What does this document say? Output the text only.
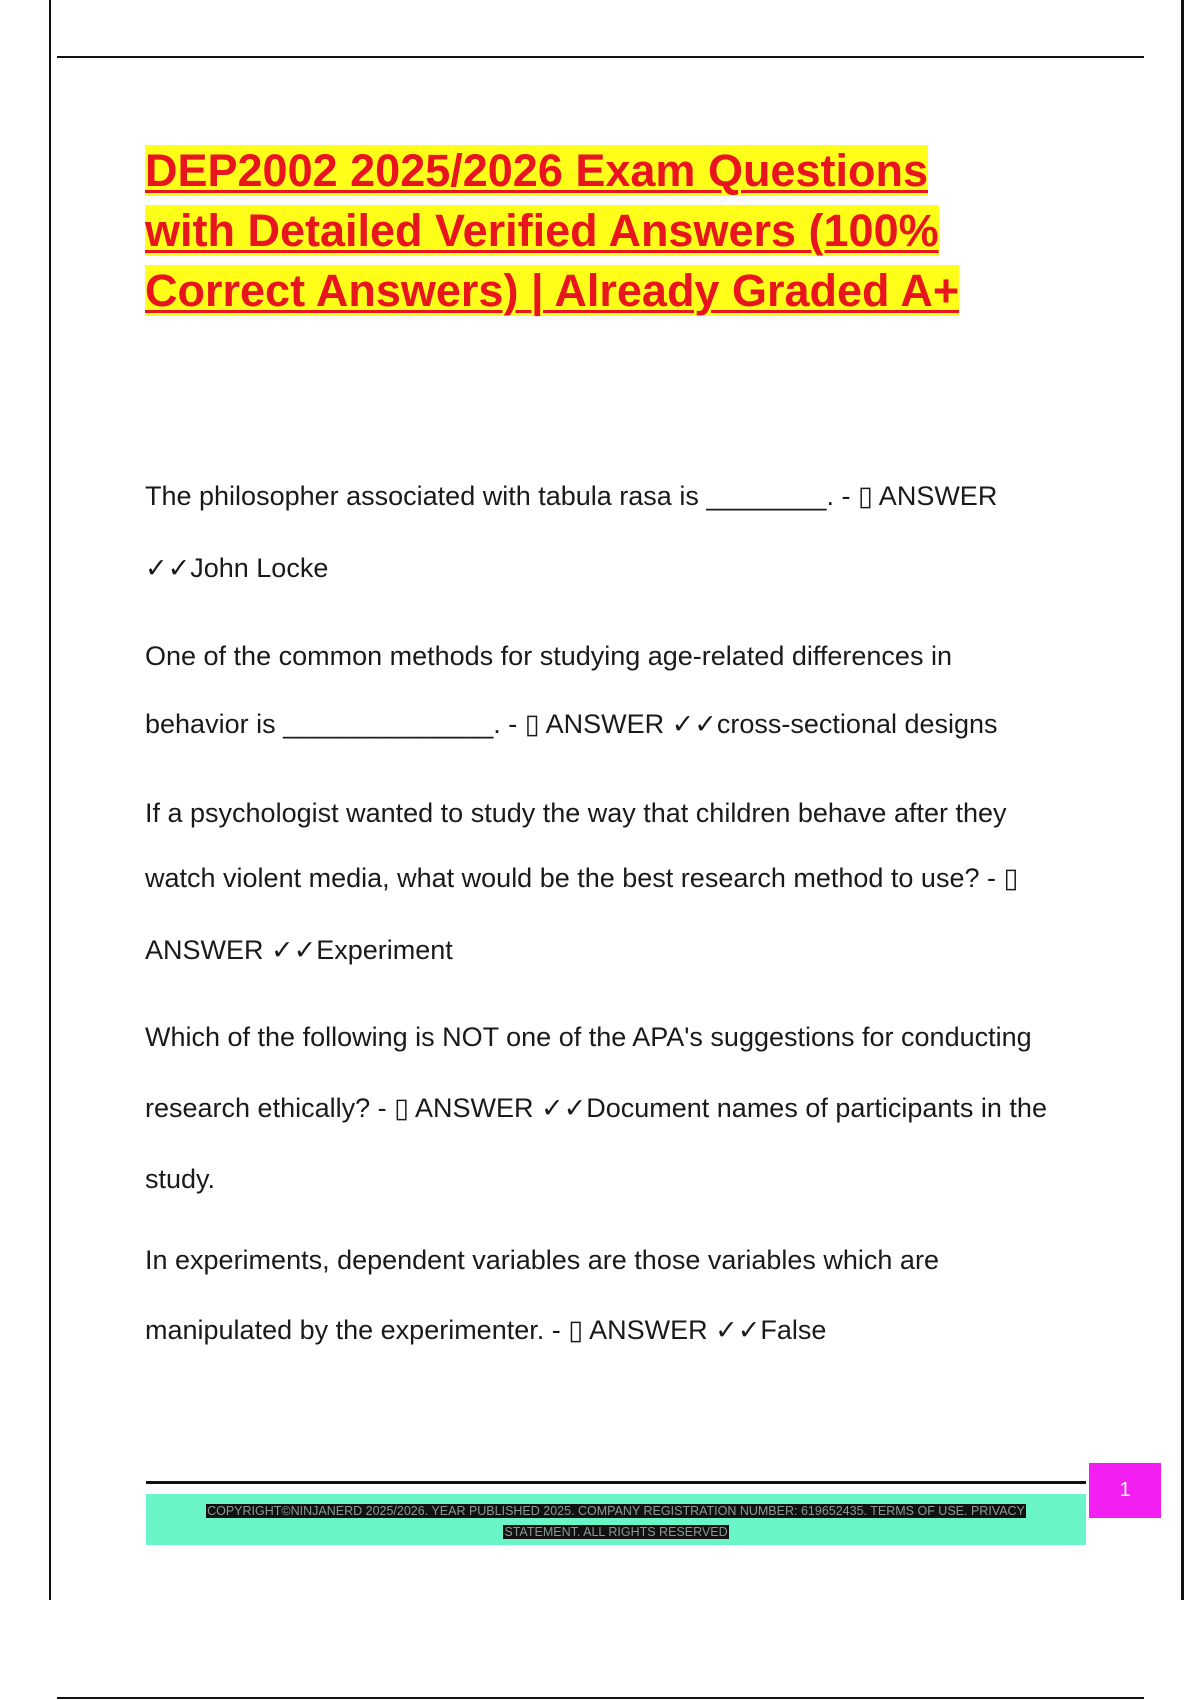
DEP2002 2025/2026 Exam Questions
with Detailed Verified Answers (100%
Correct Answers) | Already Graded A+
The philosopher associated with tabula rasa is ________. - ▯ ANSWER
✓✓John Locke
One of the common methods for studying age-related differences in
behavior is ______________. - ▯ ANSWER ✓✓cross-sectional designs
If a psychologist wanted to study the way that children behave after they
watch violent media, what would be the best research method to use? - ▯
ANSWER ✓✓Experiment
Which of the following is NOT one of the APA's suggestions for conducting
research ethically? - ▯ ANSWER ✓✓Document names of participants in the
study.
In experiments, dependent variables are those variables which are
manipulated by the experimenter. - ▯ ANSWER ✓✓False
COPYRIGHT©NINJANERD 2025/2026. YEAR PUBLISHED 2025. COMPANY REGISTRATION NUMBER: 619652435. TERMS OF USE. PRIVACY
STATEMENT. ALL RIGHTS RESERVED
1
